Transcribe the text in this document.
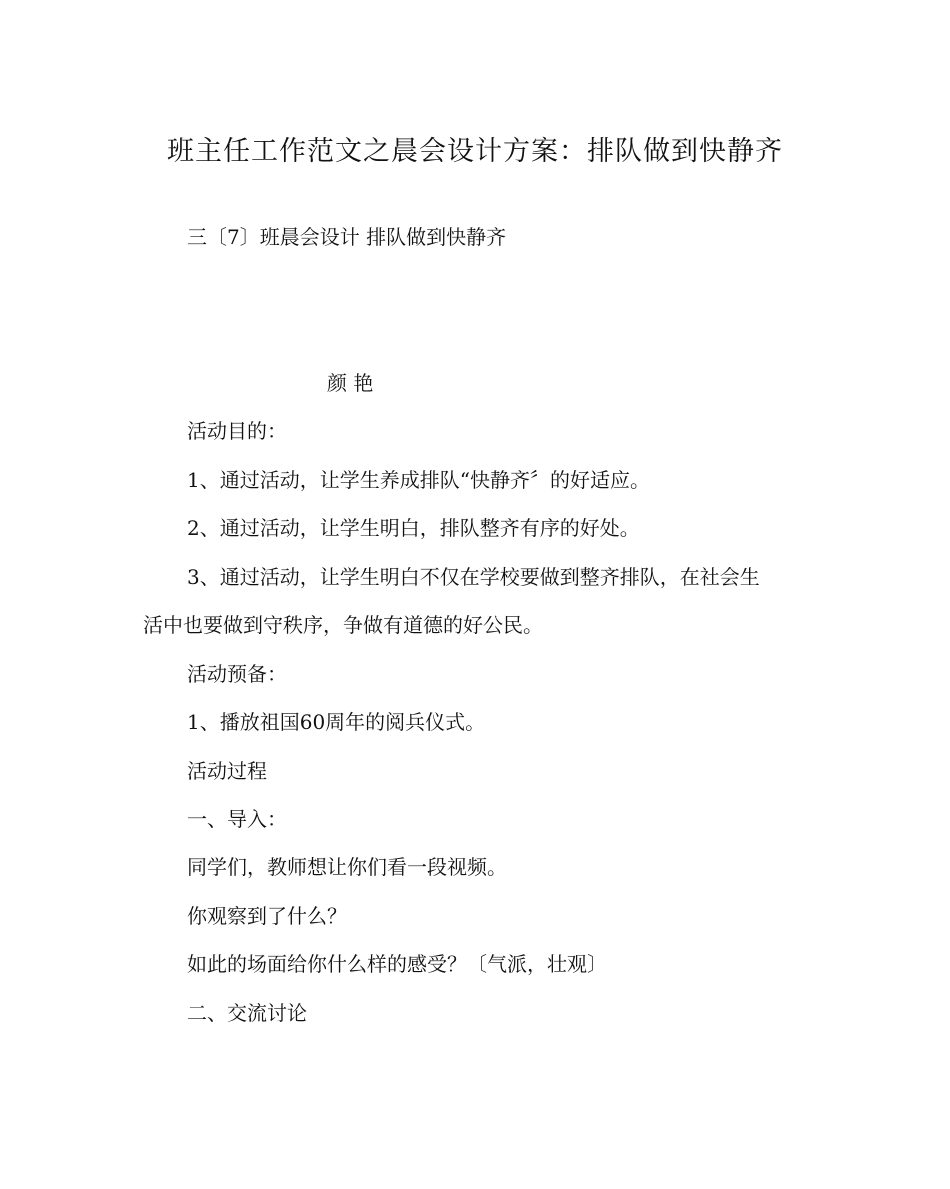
班主任工作范文之晨会设计方案：排队做到快静齐
三〔7〕班晨会设计 排队做到快静齐
颜 艳
活动目的：
1、通过活动，让学生养成排队“快静齐〞的好适应。
2、通过活动，让学生明白，排队整齐有序的好处。
3、通过活动，让学生明白不仅在学校要做到整齐排队，在社会生
活中也要做到守秩序，争做有道德的好公民。
活动预备：
1、播放祖国60周年的阅兵仪式。
活动过程
一、导入：
同学们，教师想让你们看一段视频。
你观察到了什么？
如此的场面给你什么样的感受？〔气派，壮观〕
二、交流讨论
